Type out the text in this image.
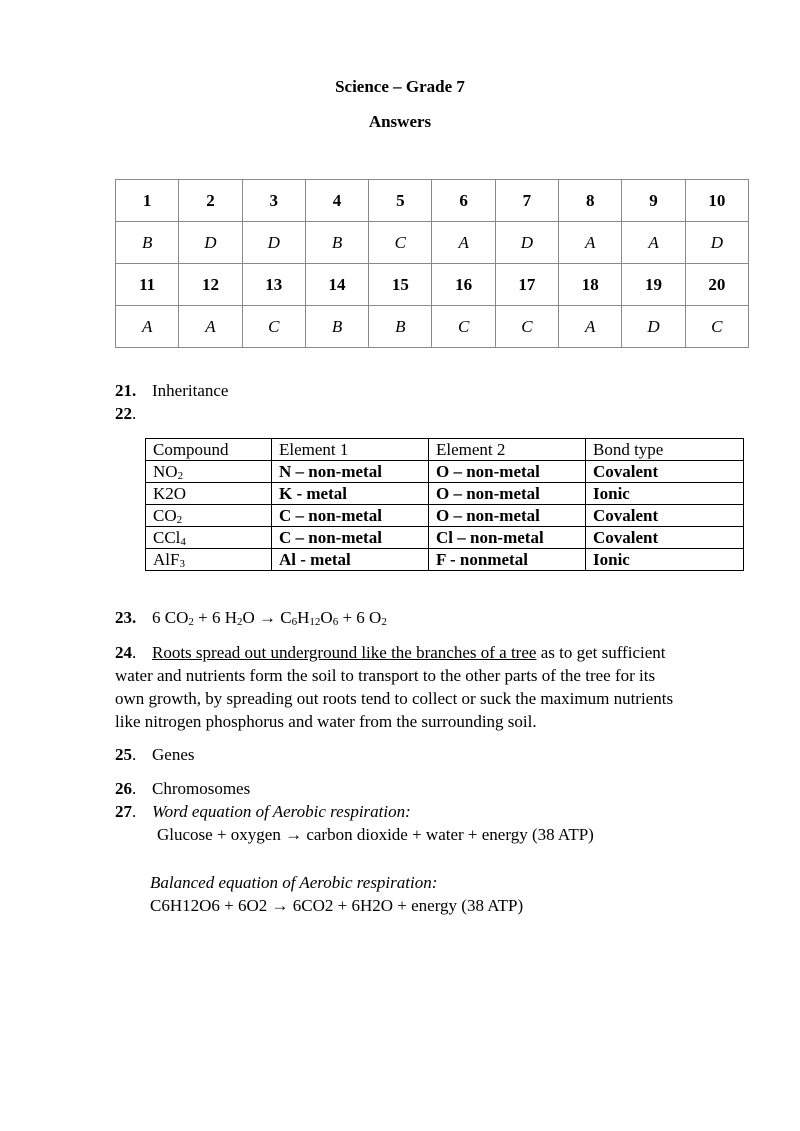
Science – Grade 7
Answers
1	2	3	4	5	6	7	8	9	10
B	D	D	B	C	A	D	A	A	D
11	12	13	14	15	16	17	18	19	20
A	A	C	B	B	C	C	A	D	C
21. Inheritance
22.
Compound	Element 1	Element 2	Bond type
$NO_2$	N – non-metal	O – non-metal	Covalent
K2O	K - metal	O – non-metal	Ionic
$CO_2$	C – non-metal	O – non-metal	Covalent
CCl$_4$	C – non-metal	Cl – non-metal	Covalent
AlF$_3$	Al - metal	F - nonmetal	Ionic
23. 6 $CO_2 + 6$ $H_2O \to C_6H_{12}O_6 + 6$ $O_2$
24. Roots spread out underground like the branches of a tree as to get sufficient
water and nutrients form the soil to transport to the other parts of the tree for its
own growth, by spreading out roots tend to collect or suck the maximum nutrients
like nitrogen phosphorus and water from the surrounding soil.
25. Genes
26. Chromosomes
27. Word equation of Aerobic respiration:
Glucose + oxygen → carbon dioxide + water + energy (38 ATP)
Balanced equation of Aerobic respiration:
C6H12O6 + 6O2 → 6CO2 + 6H2O + energy (38 ATP)
